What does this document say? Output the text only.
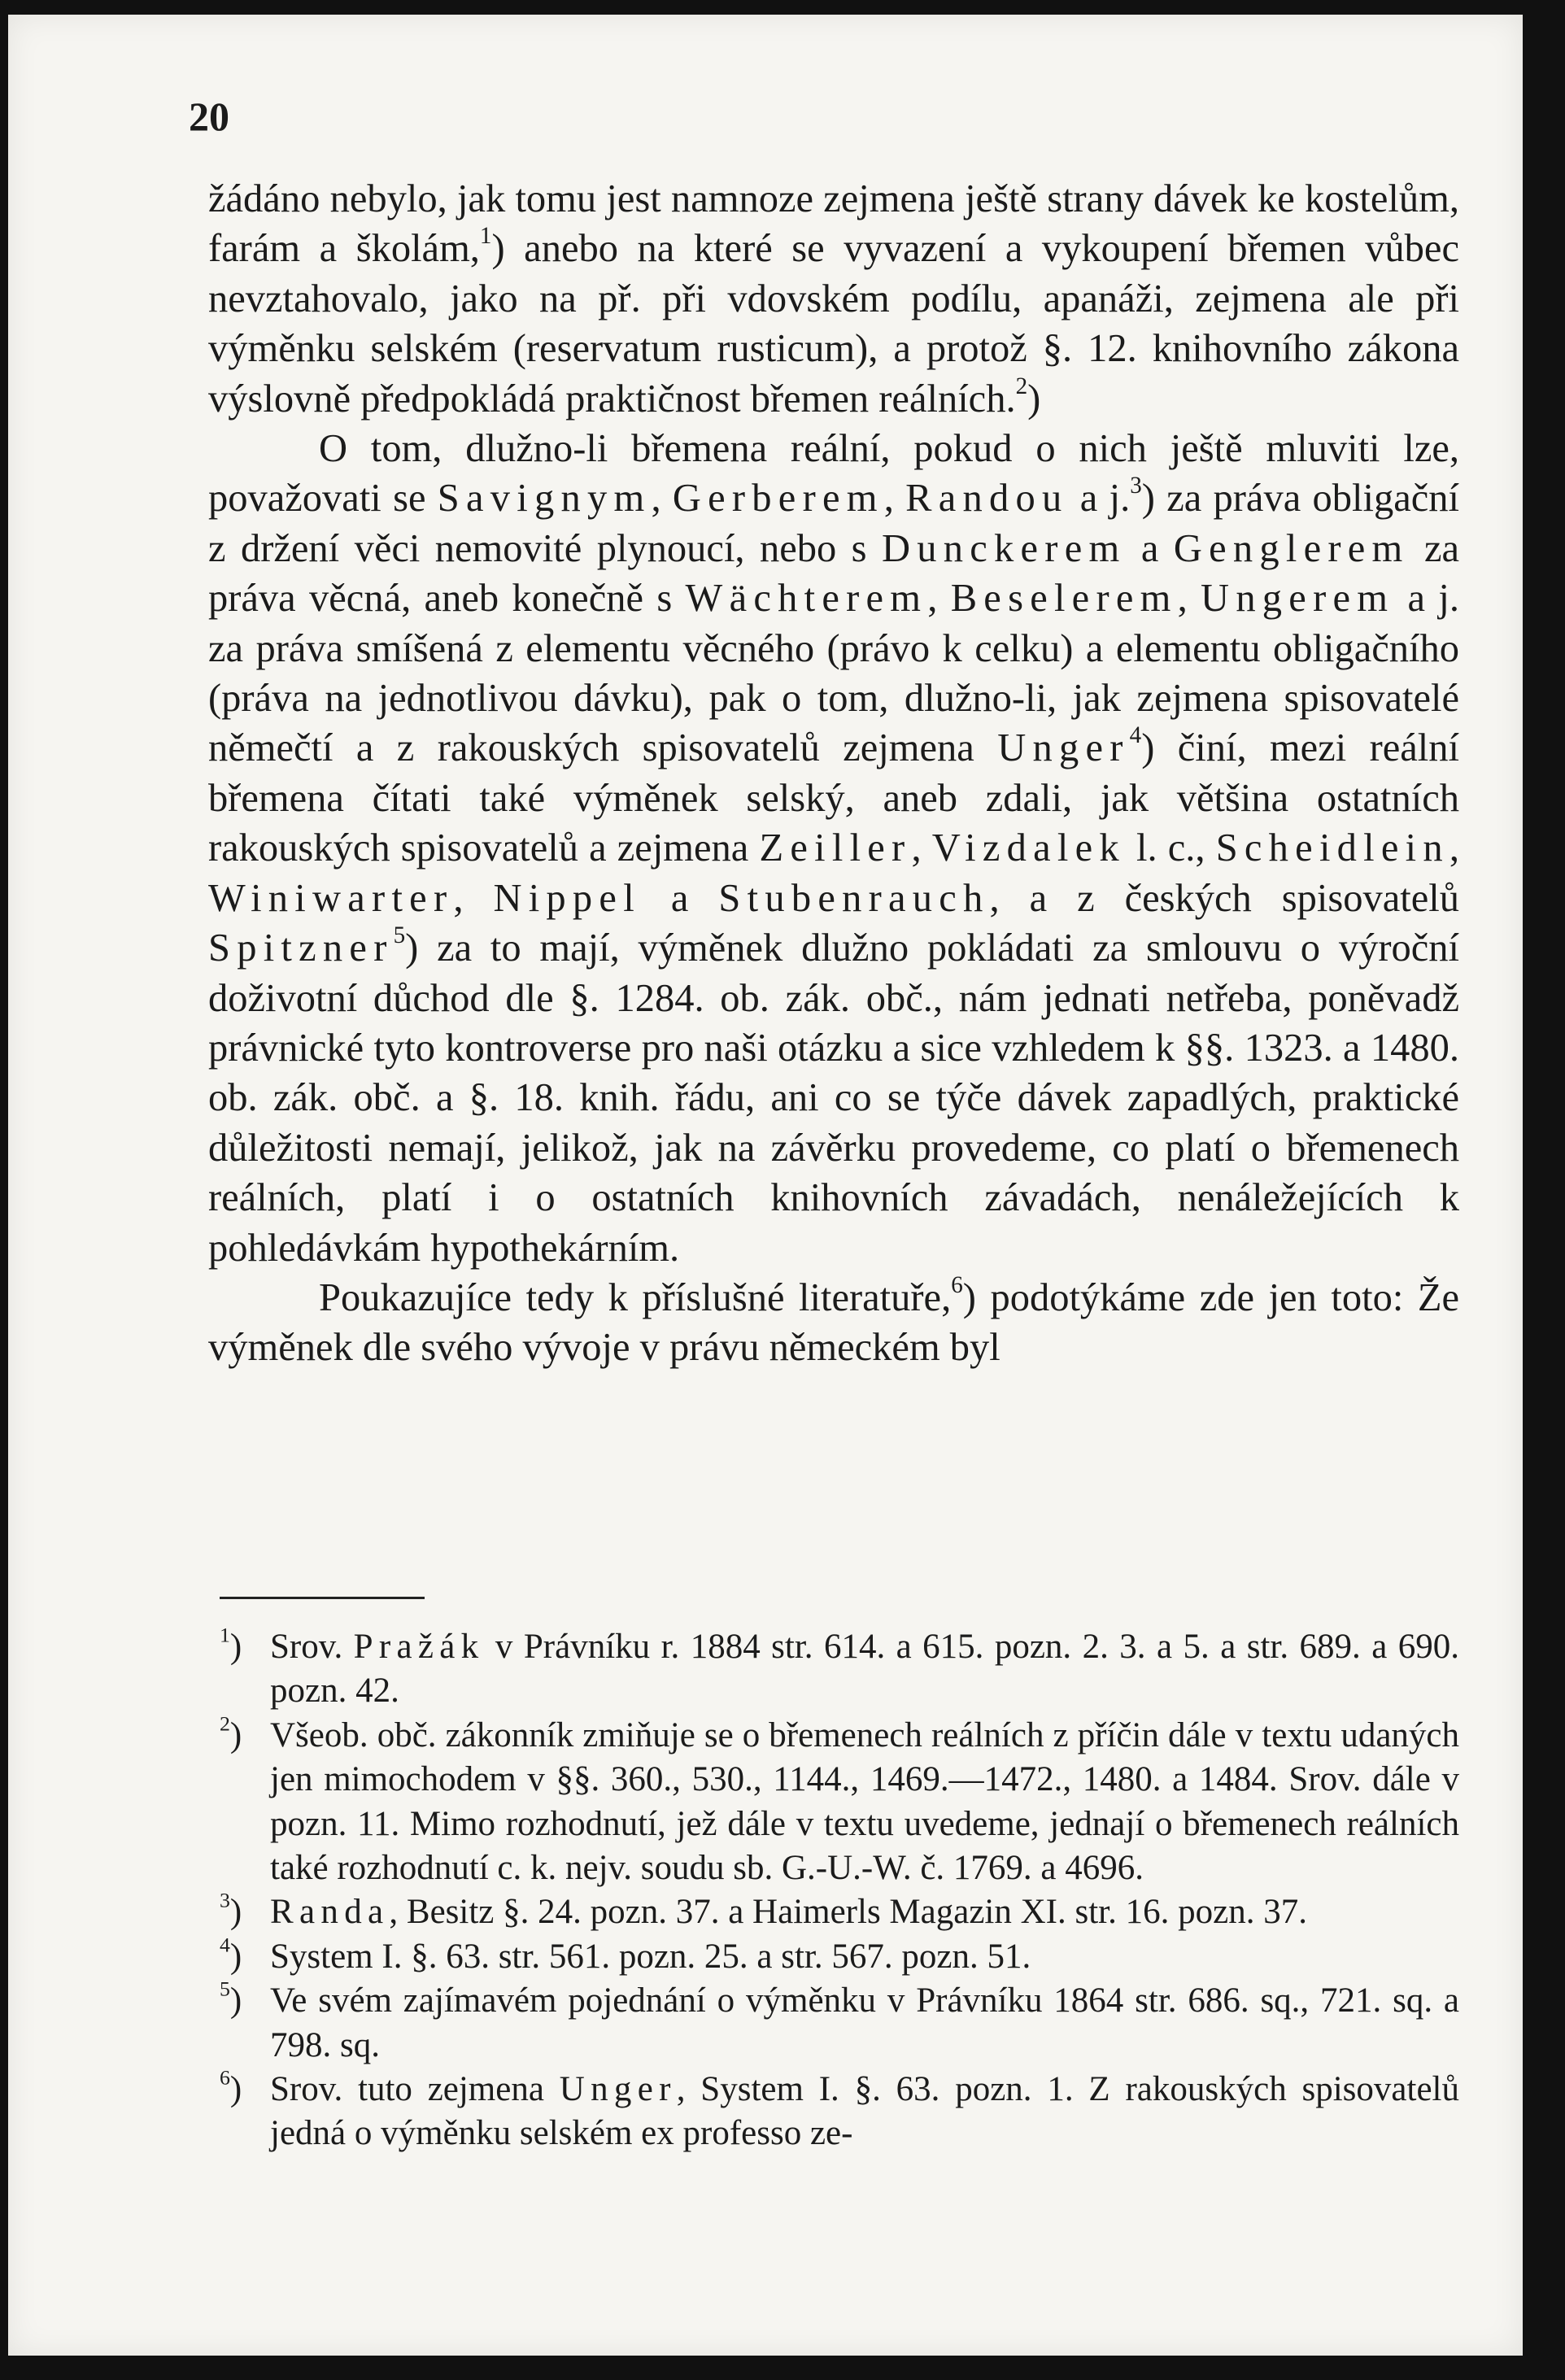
20

žádáno nebylo, jak tomu jest namnoze zejmena ještě strany dávek ke kostelům, farám a školám,$^1$) anebo na které se vyvazení a vykoupení břemen vůbec nevztahovalo, jako na př. při vdovském podílu, apanáži, zejmena ale při výměnku selském (reservatum rusticum), a protož §. 12. knihovního zákona výslovně předpokládá praktičnost břemen reálních.$^2$)

O tom, dlužno-li břemena reální, pokud o nich ještě mluviti lze, považovati se Savignym, Gerberem, Randou a j.$^3$) za práva obligační z držení věci nemovité plynoucí, nebo s Dunckerem a Genglerem za práva věcná, aneb konečně s Wächterem, Beselerem, Ungerem a j. za práva smíšená z elementu věcného (právo k celku) a elementu obligačního (práva na jednotlivou dávku), pak o tom, dlužno-li, jak zejmena spisovatelé němečtí a z rakouských spisovatelů zejmena Unger$^4$) činí, mezi reální břemena čítati také výměnek selský, aneb zdali, jak většina ostatních rakouských spisovatelů a zejmena Zeiller, Vizdalek l. c., Scheidlein, Winiwarter, Nippel a Stubenrauch, a z českých spisovatelů Spitzner$^5$) za to mají, výměnek dlužno pokládati za smlouvu o výroční doživotní důchod dle §. 1284. ob. zák. obč., nám jednati netřeba, poněvadž právnické tyto kontroverse pro naši otázku a sice vzhledem k §§. 1323. a 1480. ob. zák. obč. a §. 18. knih. řádu, ani co se týče dávek zapadlých, praktické důležitosti nemají, jelikož, jak na závěrku provedeme, co platí o břemenech reálních, platí i o ostatních knihovních závadách, nenáležejících k pohledávkám hypothekárním.

Poukazujíce tedy k příslušné literatuře,$^6$) podotýkáme zde jen toto: Že výměnek dle svého vývoje v právu německém byl

$^1$) Srov. Pražák v Právníku r. 1884 str. 614. a 615. pozn. 2. 3. a 5. a str. 689. a 690. pozn. 42.
$^2$) Všeob. obč. zákonník zmiňuje se o břemenech reálních z příčin dále v textu udaných jen mimochodem v §§. 360., 530., 1144., 1469.—1472., 1480. a 1484. Srov. dále v pozn. 11. Mimo rozhodnutí, jež dále v textu uvedeme, jednají o břemenech reálních také rozhodnutí c. k. nejv. soudu sb. G.-U.-W. č. 1769. a 4696.
$^3$) Randa, Besitz §. 24. pozn. 37. a Haimerls Magazin XI. str. 16. pozn. 37.
$^4$) System I. §. 63. str. 561. pozn. 25. a str. 567. pozn. 51.
$^5$) Ve svém zajímavém pojednání o výměnku v Právníku 1864 str. 686. sq., 721. sq. a 798. sq.
$^6$) Srov. tuto zejmena Unger, System I. §. 63. pozn. 1. Z rakouských spisovatelů jedná o výměnku selském ex professo ze-
